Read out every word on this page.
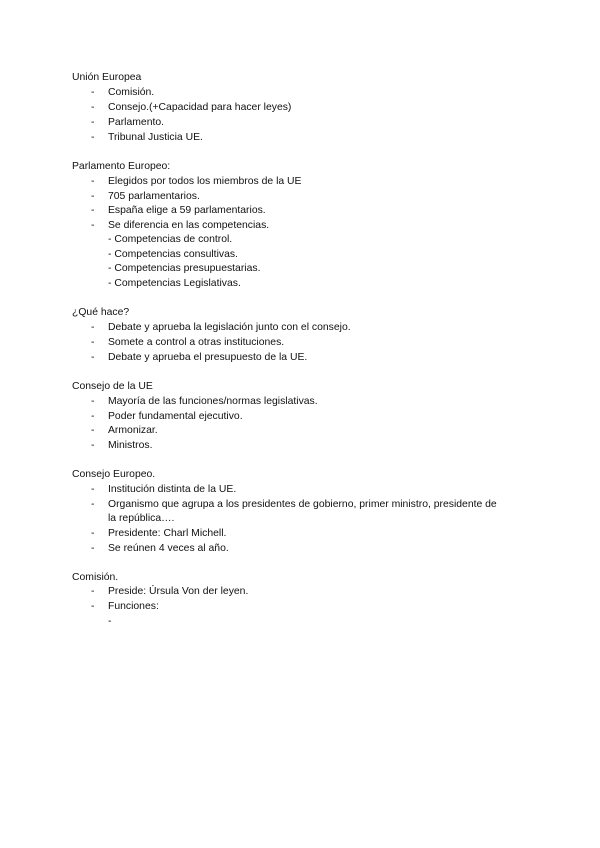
Unión Europea
- Comisión.
- Consejo.(+Capacidad para hacer leyes)
- Parlamento.
- Tribunal Justicia UE.
Parlamento Europeo:
- Elegidos por todos los miembros de la UE
- 705 parlamentarios.
- España elige a 59 parlamentarios.
- Se diferencia en las competencias.
- Competencias de control.
- Competencias consultivas.
- Competencias presupuestarias.
- Competencias Legislativas.
¿Qué hace?
- Debate y aprueba la legislación junto con el consejo.
- Somete a control a otras instituciones.
- Debate y aprueba el presupuesto de la UE.
Consejo de la UE
- Mayoría de las funciones/normas legislativas.
- Poder fundamental ejecutivo.
- Armonizar.
- Ministros.
Consejo Europeo.
- Institución distinta de la UE.
- Organismo que agrupa a los presidentes de gobierno, primer ministro, presidente de
la república….
- Presidente: Charl Michell.
- Se reúnen 4 veces al año.
Comisión.
- Preside: Úrsula Von der leyen.
- Funciones:
-
